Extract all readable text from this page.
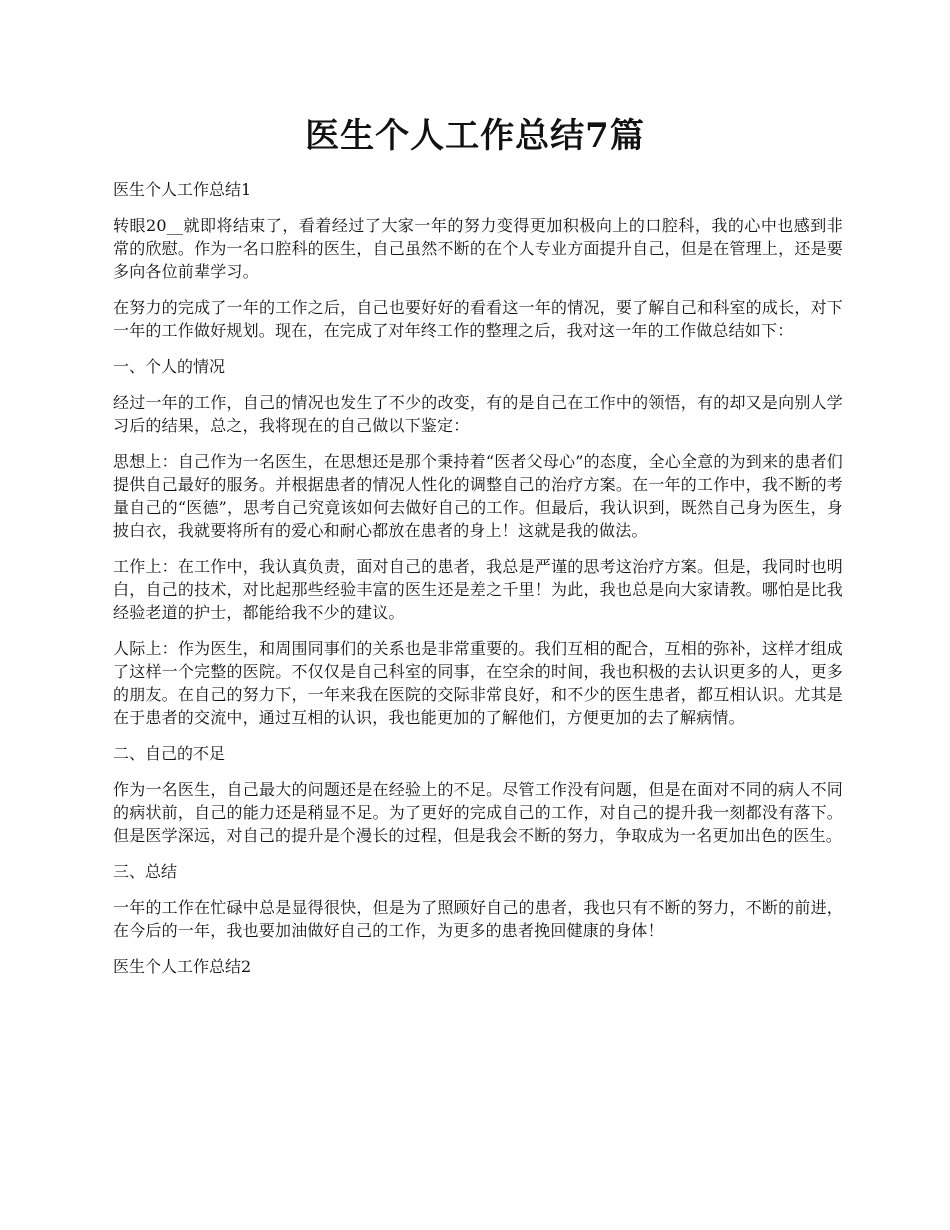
医生个人工作总结7篇

医生个人工作总结1

转眼20__就即将结束了，看着经过了大家一年的努力变得更加积极向上的口腔科，我的心中也感到非常的欣慰。作为一名口腔科的医生，自己虽然不断的在个人专业方面提升自己，但是在管理上，还是要多向各位前辈学习。

在努力的完成了一年的工作之后，自己也要好好的看看这一年的情况，要了解自己和科室的成长，对下一年的工作做好规划。现在，在完成了对年终工作的整理之后，我对这一年的工作做总结如下：

一、个人的情况

经过一年的工作，自己的情况也发生了不少的改变，有的是自己在工作中的领悟，有的却又是向别人学习后的结果，总之，我将现在的自己做以下鉴定：

思想上：自己作为一名医生，在思想还是那个秉持着“医者父母心”的态度，全心全意的为到来的患者们提供自己最好的服务。并根据患者的情况人性化的调整自己的治疗方案。在一年的工作中，我不断的考量自己的“医德”，思考自己究竟该如何去做好自己的工作。但最后，我认识到，既然自己身为医生，身披白衣，我就要将所有的爱心和耐心都放在患者的身上！这就是我的做法。

工作上：在工作中，我认真负责，面对自己的患者，我总是严谨的思考这治疗方案。但是，我同时也明白，自己的技术，对比起那些经验丰富的医生还是差之千里！为此，我也总是向大家请教。哪怕是比我经验老道的护士，都能给我不少的建议。

人际上：作为医生，和周围同事们的关系也是非常重要的。我们互相的配合，互相的弥补，这样才组成了这样一个完整的医院。不仅仅是自己科室的同事，在空余的时间，我也积极的去认识更多的人，更多的朋友。在自己的努力下，一年来我在医院的交际非常良好，和不少的医生患者，都互相认识。尤其是在于患者的交流中，通过互相的认识，我也能更加的了解他们，方便更加的去了解病情。

二、自己的不足

作为一名医生，自己最大的问题还是在经验上的不足。尽管工作没有问题，但是在面对不同的病人不同的病状前，自己的能力还是稍显不足。为了更好的完成自己的工作，对自己的提升我一刻都没有落下。但是医学深远，对自己的提升是个漫长的过程，但是我会不断的努力，争取成为一名更加出色的医生。

三、总结

一年的工作在忙碌中总是显得很快，但是为了照顾好自己的患者，我也只有不断的努力，不断的前进，在今后的一年，我也要加油做好自己的工作，为更多的患者挽回健康的身体！

医生个人工作总结2
